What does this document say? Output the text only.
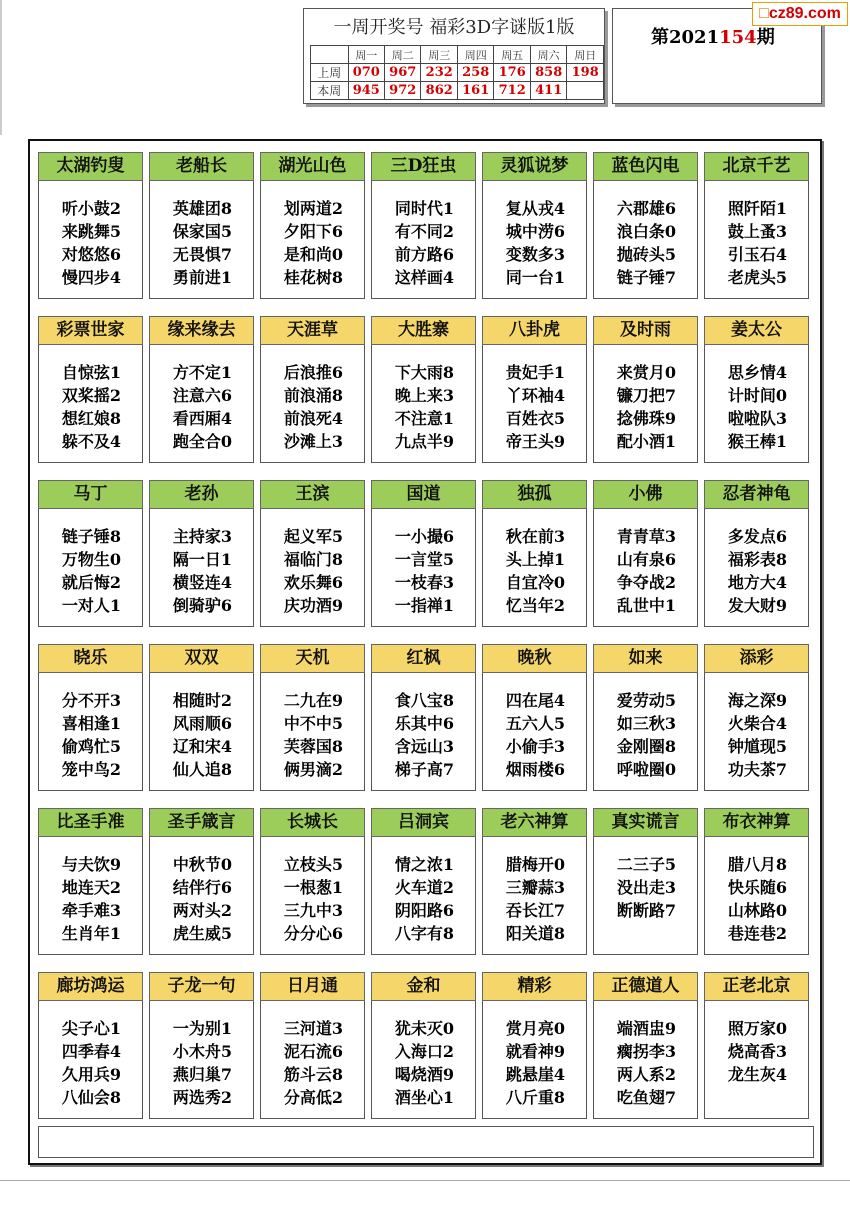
一周开奖号 福彩3D字谜版1版
	周一	周二	周三	周四	周五	周六	周日
上周	070	967	232	258	176	858	198
本周	945	972	862	161	712	411	
第2021154期
□cz89.com
太湖钓叟
听小鼓2
来跳舞5
对悠悠6
慢四步4
老船长
英雄团8
保家国5
无畏惧7
勇前进1
湖光山色
划两道2
夕阳下6
是和尚0
桂花树8
三D狂虫
同时代1
有不同2
前方路6
这样画4
灵狐说梦
复从戎4
城中涝6
变数多3
同一台1
蓝色闪电
六郡雄6
浪白条0
抛砖头5
链子锤7
北京千艺
照阡陌1
鼓上蚤3
引玉石4
老虎头5
彩票世家
自惊弦1
双桨摇2
想红娘8
躲不及4
缘来缘去
方不定1
注意六6
看西厢4
跑全合0
天涯草
后浪推6
前浪涌8
前浪死4
沙滩上3
大胜寨
下大雨8
晚上来3
不注意1
九点半9
八卦虎
贵妃手1
丫环袖4
百姓衣5
帝王头9
及时雨
来赏月0
镰刀把7
捻佛珠9
配小酒1
姜太公
思乡情4
计时间0
啦啦队3
猴王棒1
马丁
链子锤8
万物生0
就后悔2
一对人1
老孙
主持家3
隔一日1
横竖连4
倒骑驴6
王滨
起义军5
福临门8
欢乐舞6
庆功酒9
国道
一小撮6
一言堂5
一枝春3
一指禅1
独孤
秋在前3
头上掉1
自宜冷0
忆当年2
小佛
青青草3
山有泉6
争夺战2
乱世中1
忍者神龟
多发点6
福彩表8
地方大4
发大财9
晓乐
分不开3
喜相逢1
偷鸡忙5
笼中鸟2
双双
相随时2
风雨顺6
辽和宋4
仙人追8
天机
二九在9
中不中5
芙蓉国8
俩男滴2
红枫
食八宝8
乐其中6
含远山3
梯子高7
晚秋
四在尾4
五六人5
小偷手3
烟雨楼6
如来
爱劳动5
如三秋3
金刚圈8
呼啦圈0
添彩
海之深9
火柴合4
钟馗现5
功夫茶7
比圣手准
与夫饮9
地连天2
牵手难3
生肖年1
圣手箴言
中秋节0
结伴行6
两对头2
虎生威5
长城长
立枝头5
一根葱1
三九中3
分分心6
吕洞宾
情之浓1
火车道2
阴阳路6
八字有8
老六神算
腊梅开0
三瓣蒜3
吞长江7
阳关道8
真实谎言
二三子5
没出走3
断断路7
布衣神算
腊八月8
快乐随6
山林路0
巷连巷2
廊坊鸿运
尖子心1
四季春4
久用兵9
八仙会8
子龙一句
一为别1
小木舟5
燕归巢7
两选秀2
日月通
三河道3
泥石流6
筋斗云8
分高低2
金和
犹未灭0
入海口2
喝烧酒9
酒坐心1
精彩
赏月亮0
就看神9
跳悬崖4
八斤重8
正德道人
端酒盅9
瘸拐李3
两人系2
吃鱼翅7
正老北京
照万家0
烧高香3
龙生灰4
